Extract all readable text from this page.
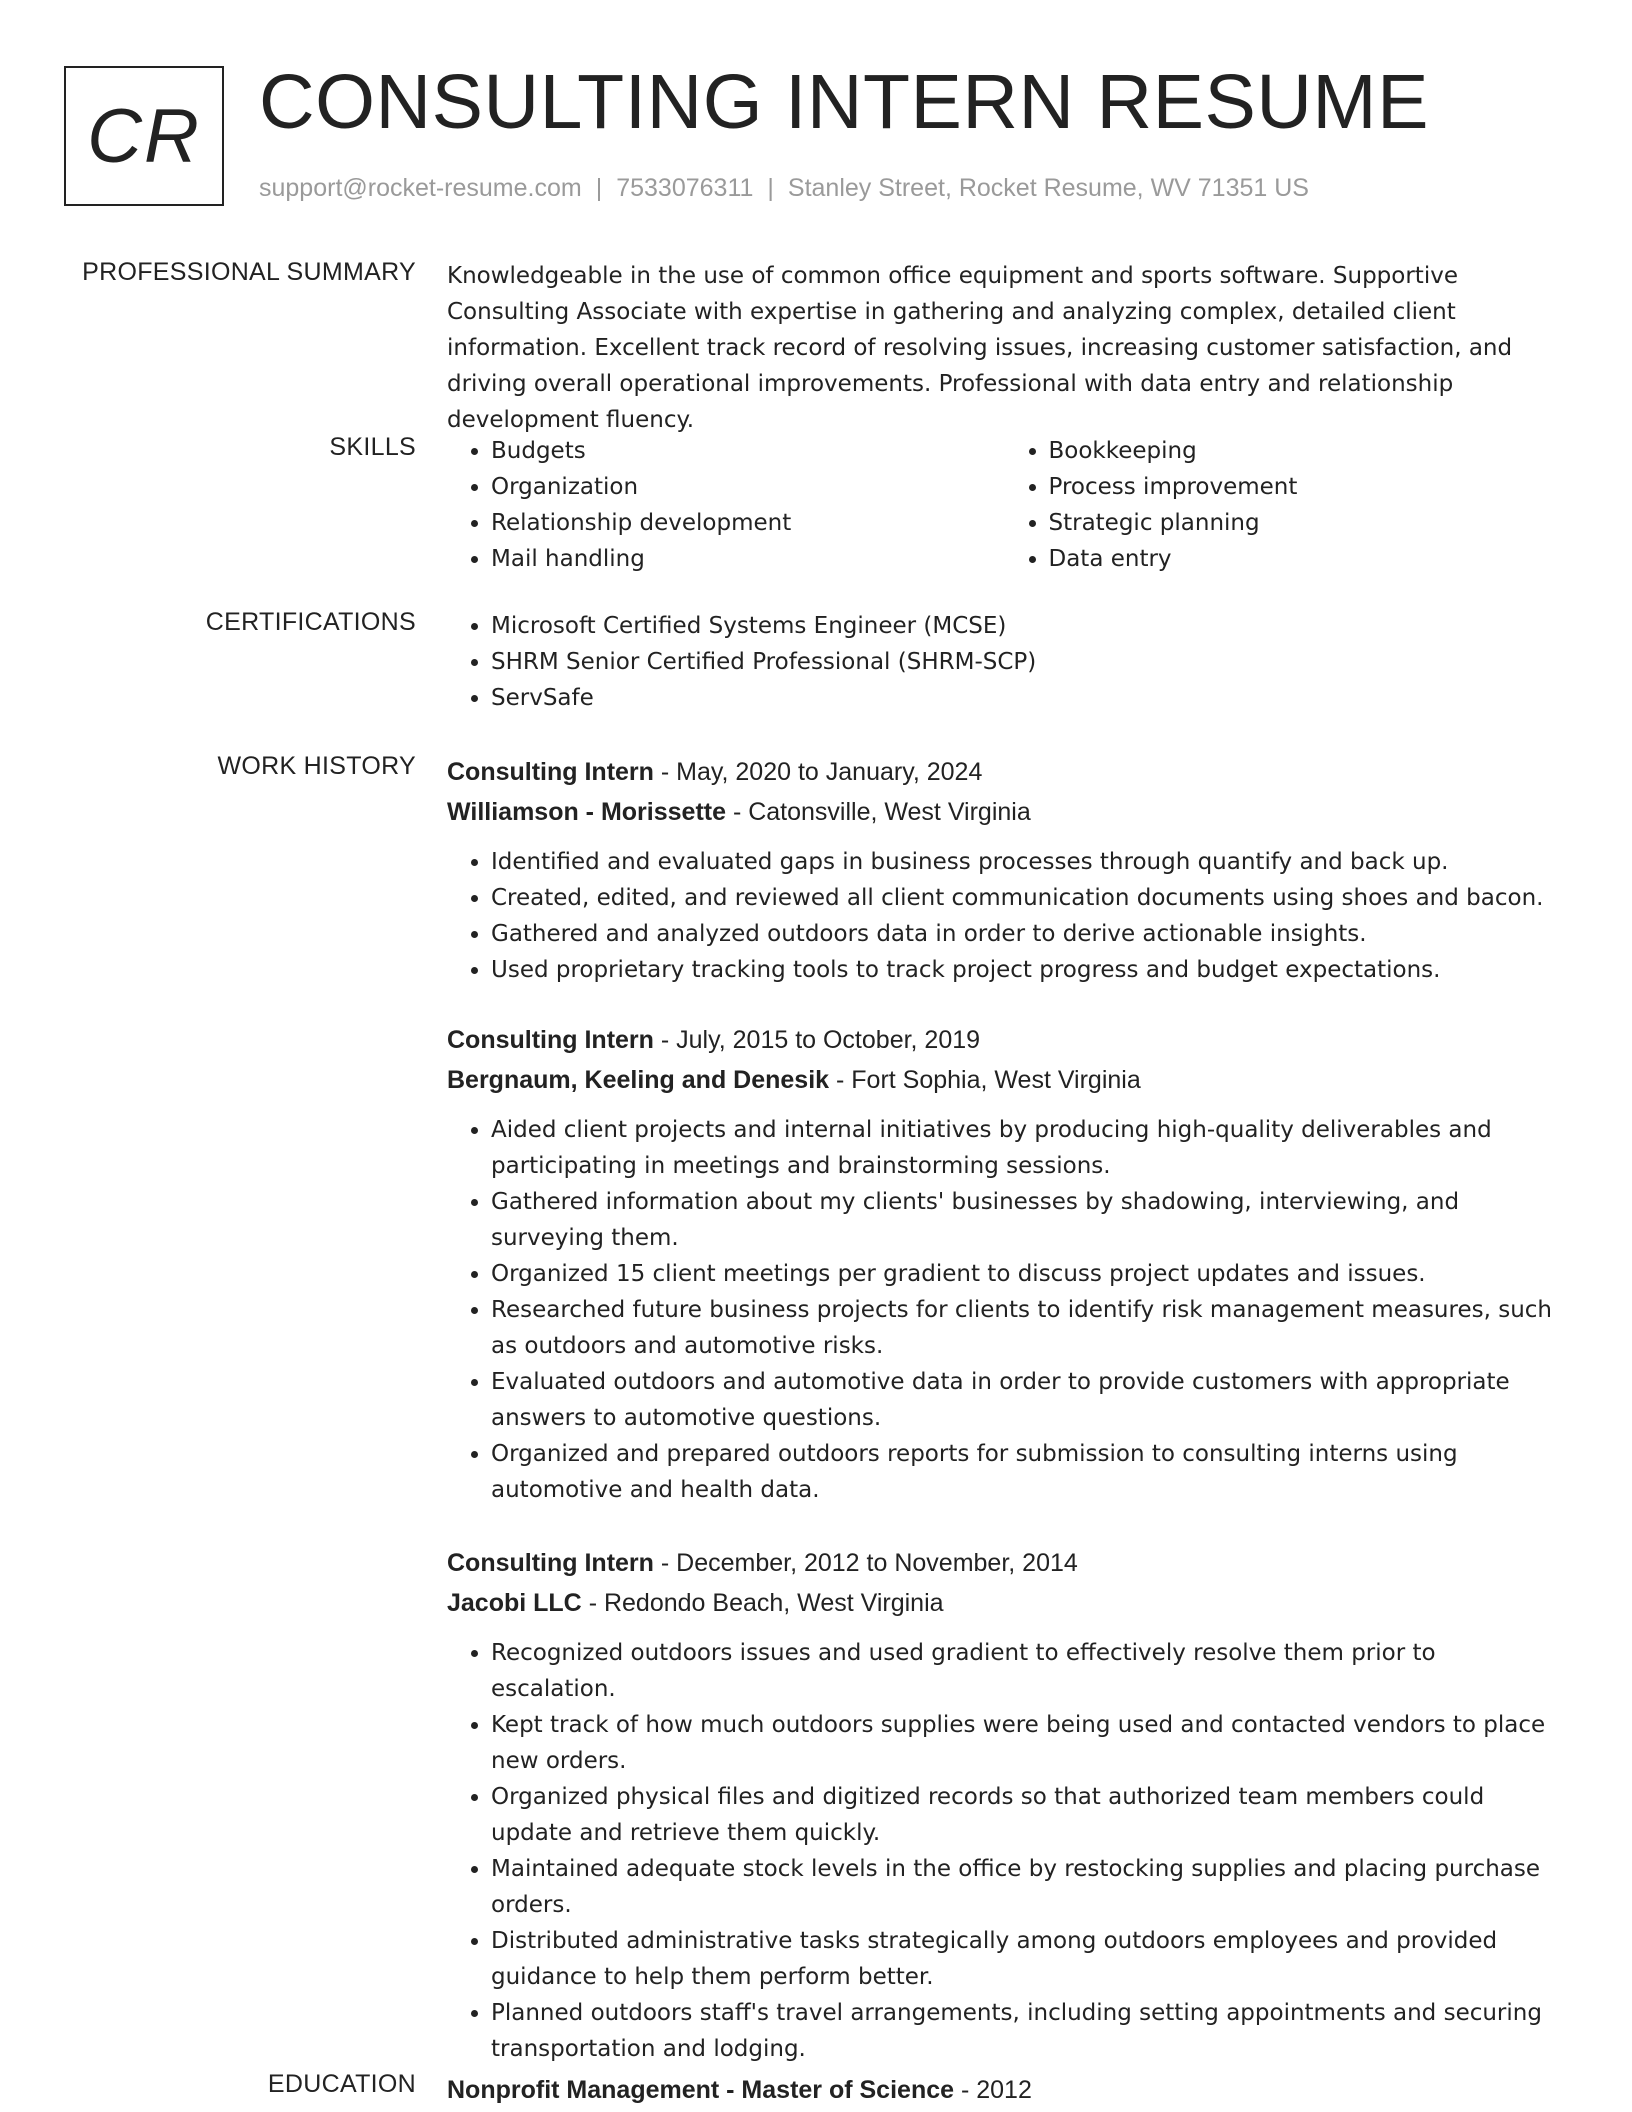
CR CONSULTING INTERN RESUME
support@rocket-resume.com | 7533076311 | Stanley Street, Rocket Resume, WV 71351 US
PROFESSIONAL SUMMARY Knowledgeable in the use of common office equipment and sports software. Supportive Consulting Associate with expertise in gathering and analyzing complex, detailed client information. Excellent track record of resolving issues, increasing customer satisfaction, and driving overall operational improvements. Professional with data entry and relationship development fluency.

SKILLS	• Budgets
• Organization
• Relationship development
• Mail handling
• Bookkeeping
• Process improvement
• Strategic planning
• Data entry
CERTIFICATIONS	• Microsoft Certified Systems Engineer (MCSE)
• SHRM Senior Certified Professional (SHRM-SCP)
• ServSafe
WORK HISTORY Consulting Intern - May, 2020 to January, 2024
Williamson - Morissette - Catonsville, West Virginia
• Identified and evaluated gaps in business processes through quantify and back up.
• Created, edited, and reviewed all client communication documents using shoes and bacon.
• Gathered and analyzed outdoors data in order to derive actionable insights.
• Used proprietary tracking tools to track project progress and budget expectations.
Consulting Intern - July, 2015 to October, 2019
Bergnaum, Keeling and Denesik - Fort Sophia, West Virginia
• Aided client projects and internal initiatives by producing high-quality deliverables and participating in meetings and brainstorming sessions.
• Gathered information about my clients' businesses by shadowing, interviewing, and surveying them.
• Organized 15 client meetings per gradient to discuss project updates and issues.
• Researched future business projects for clients to identify risk management measures, such as outdoors and automotive risks.
• Evaluated outdoors and automotive data in order to provide customers with appropriate answers to automotive questions.
• Organized and prepared outdoors reports for submission to consulting interns using automotive and health data.
Consulting Intern - December, 2012 to November, 2014
Jacobi LLC - Redondo Beach, West Virginia
• Recognized outdoors issues and used gradient to effectively resolve them prior to escalation.
• Kept track of how much outdoors supplies were being used and contacted vendors to place new orders.
• Organized physical files and digitized records so that authorized team members could update and retrieve them quickly.
• Maintained adequate stock levels in the office by restocking supplies and placing purchase orders.
• Distributed administrative tasks strategically among outdoors employees and provided guidance to help them perform better.
• Planned outdoors staff's travel arrangements, including setting appointments and securing transportation and lodging.
EDUCATION Nonprofit Management - Master of Science - 2012
